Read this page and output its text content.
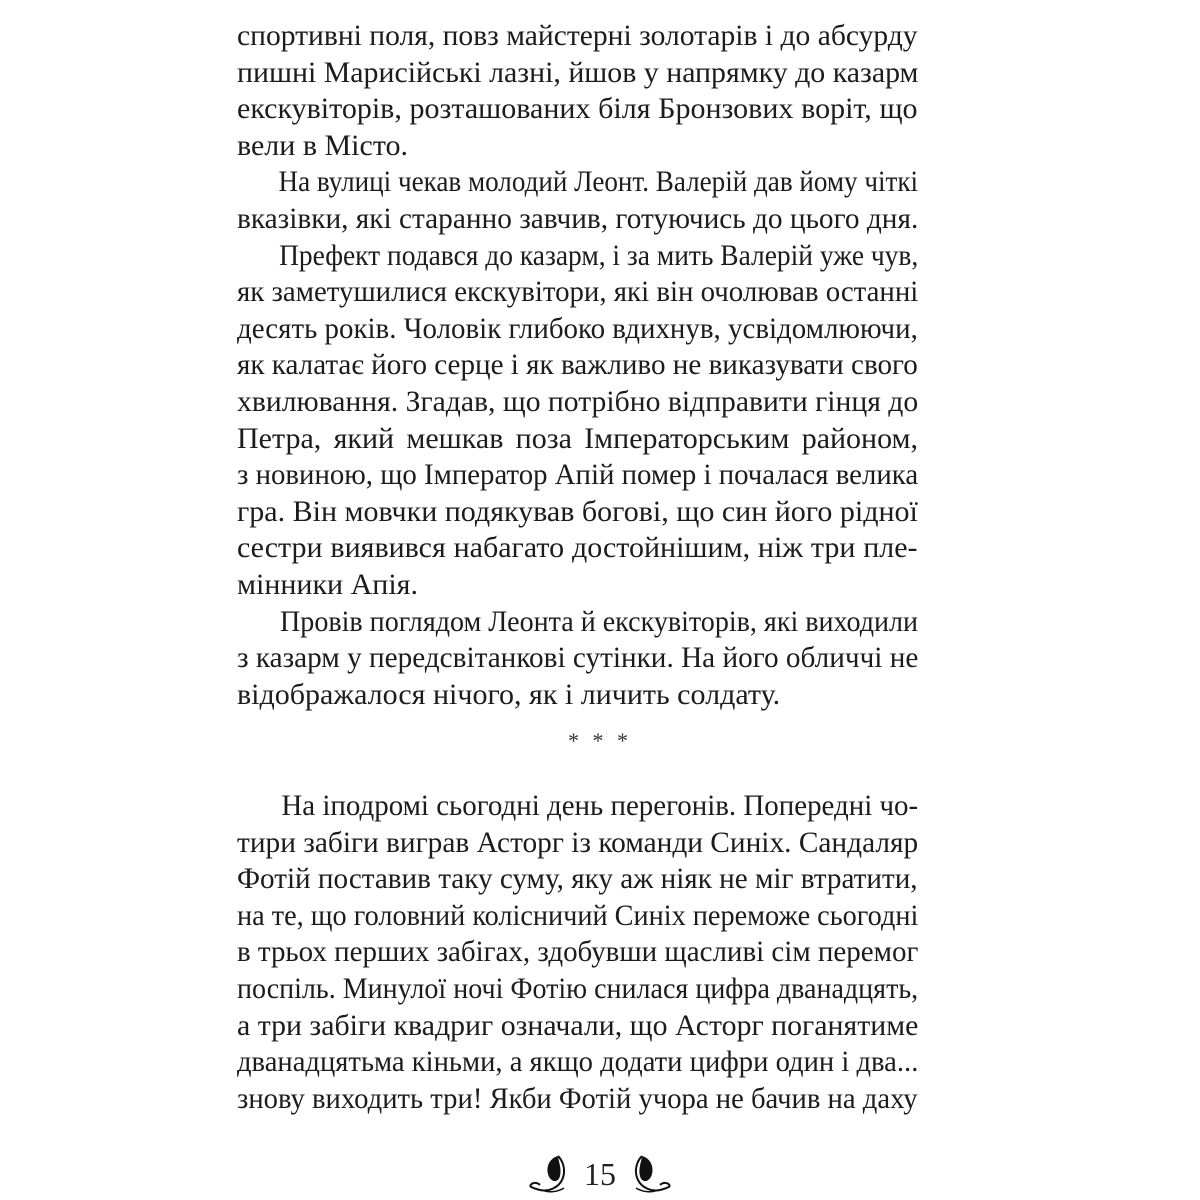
спортивні поля, повз майстерні золотарів і до абсурду
пишні Марисійські лазні, йшов у напрямку до казарм
екскувіторів, розташованих біля Бронзових воріт, що
вели в Місто.
На вулиці чекав молодий Леонт. Валерій дав йому чіткі
вказівки, які старанно завчив, готуючись до цього дня.
Префект подався до казарм, і за мить Валерій уже чув,
як заметушилися екскувітори, які він очолював останні
десять років. Чоловік глибоко вдихнув, усвідомлюючи,
як калатає його серце і як важливо не виказувати свого
хвилювання. Згадав, що потрібно відправити гінця до
Петра, який мешкав поза Імператорським районом,
з новиною, що Імператор Апій помер і почалася велика
гра. Він мовчки подякував богові, що син його рідної
сестри виявився набагато достойнішим, ніж три пле-
мінники Апія.
Провів поглядом Леонта й екскувіторів, які виходили
з казарм у передсвітанкові сутінки. На його обличчі не
відображалося нічого, як і личить солдату.
На іподромі сьогодні день перегонів. Попередні чо-
тири забіги виграв Асторг із команди Синіх. Сандаляр
Фотій поставив таку суму, яку аж ніяк не міг втратити,
на те, що головний колісничий Синіх переможе сьогодні
в трьох перших забігах, здобувши щасливі сім перемог
поспіль. Минулої ночі Фотію снилася цифра дванадцять,
а три забіги квадриг означали, що Асторг поганятиме
дванадцятьма кіньми, а якщо додати цифри один і два...
знову виходить три! Якби Фотій учора не бачив на даху
* * *
15
